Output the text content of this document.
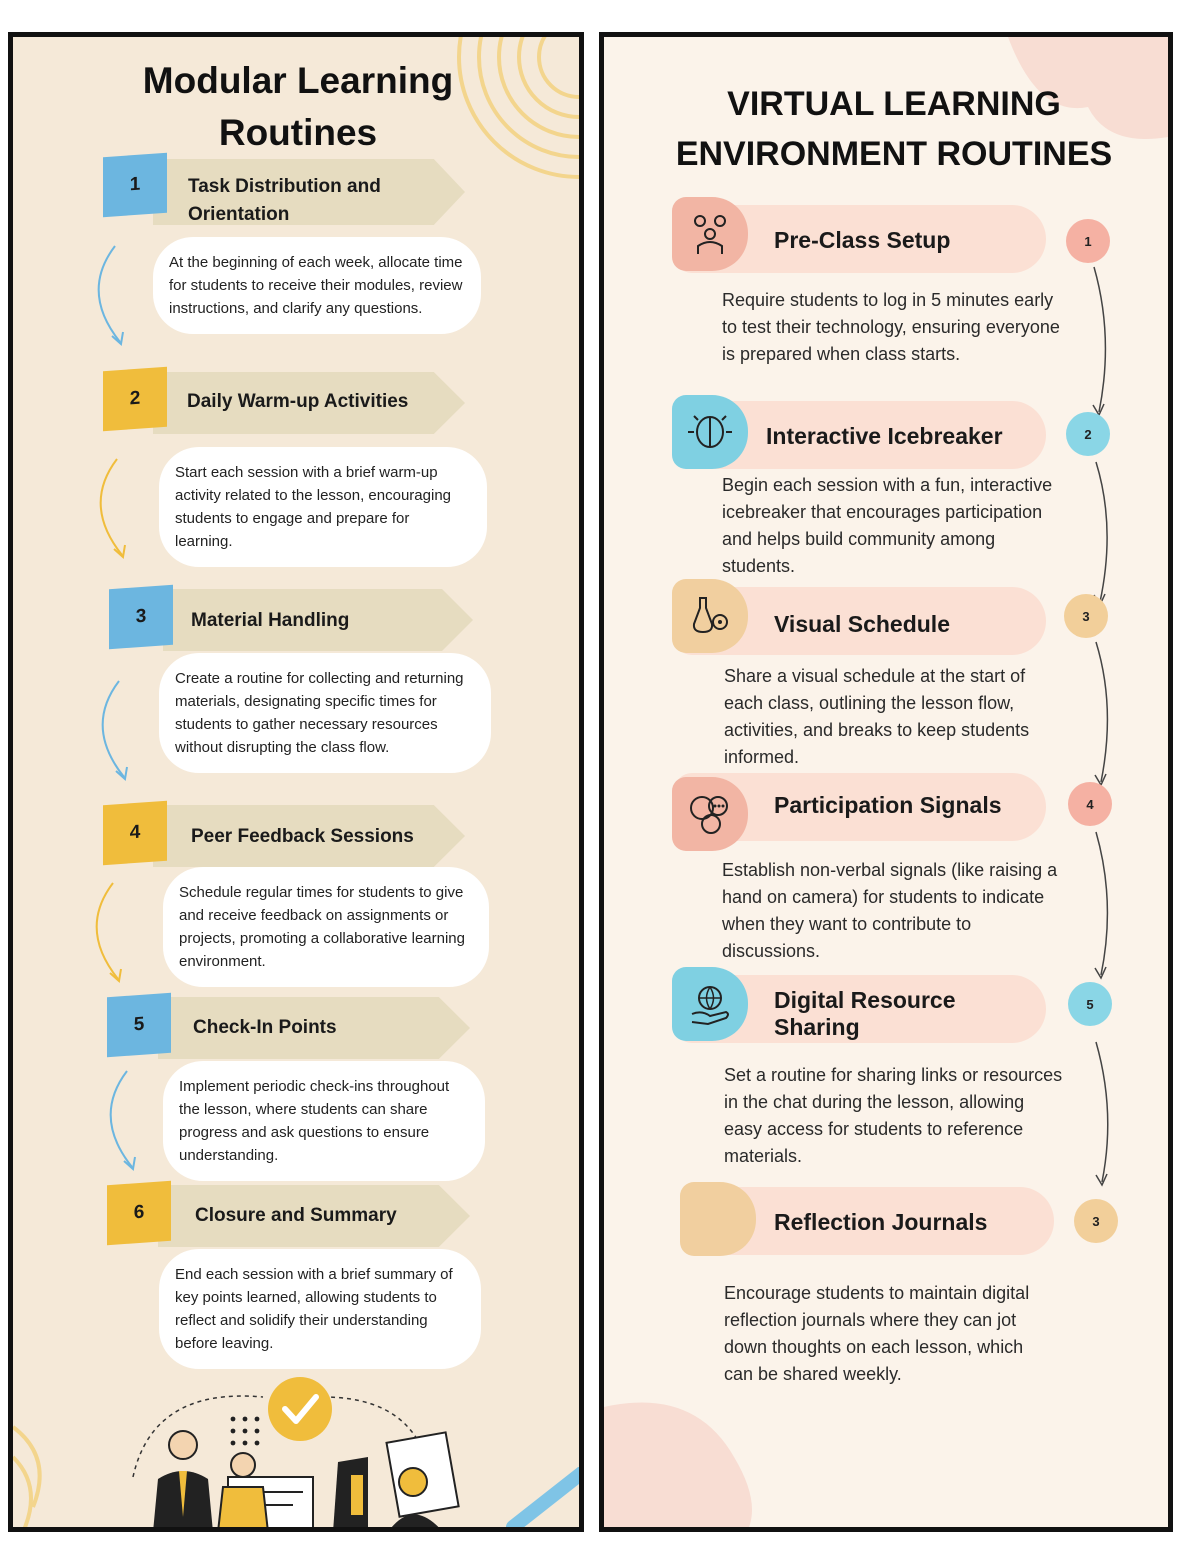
Modular Learning
Routines
1	Task Distribution and
Orientation
At the beginning of each week, allocate time for students to receive their modules, review instructions, and clarify any questions.
2 Daily Warm-up Activities
Start each session with a brief warm-up activity related to the lesson, encouraging students to engage and prepare for learning.
3 Material Handling
Create a routine for collecting and returning materials, designating specific times for students to gather necessary resources without disrupting the class flow.
4	Peer Feedback Sessions
Schedule regular times for students to give and receive feedback on assignments or projects, promoting a collaborative learning environment.
5	Check-In Points
Implement periodic check-ins throughout the lesson, where students can share progress and ask questions to ensure understanding.
6	Closure and Summary
End each session with a brief summary of key points learned, allowing students to reflect and solidify their understanding before leaving.
VIRTUAL LEARNING
ENVIRONMENT ROUTINES
Pre-Class Setup	1
Require students to log in 5 minutes early to test their technology, ensuring everyone is prepared when class starts.
Interactive Icebreaker	2
Begin each session with a fun, interactive icebreaker that encourages participation and helps build community among students.
Visual Schedule	3
Share a visual schedule at the start of each class, outlining the lesson flow, activities, and breaks to keep students informed.
Participation Signals	4
Establish non-verbal signals (like raising a hand on camera) for students to indicate when they want to contribute to discussions.
Digital Resource
Sharing
5
Set a routine for sharing links or resources in the chat during the lesson, allowing easy access for students to reference materials.
Reflection Journals	3
Encourage students to maintain digital reflection journals where they can jot down thoughts on each lesson, which can be shared weekly.
